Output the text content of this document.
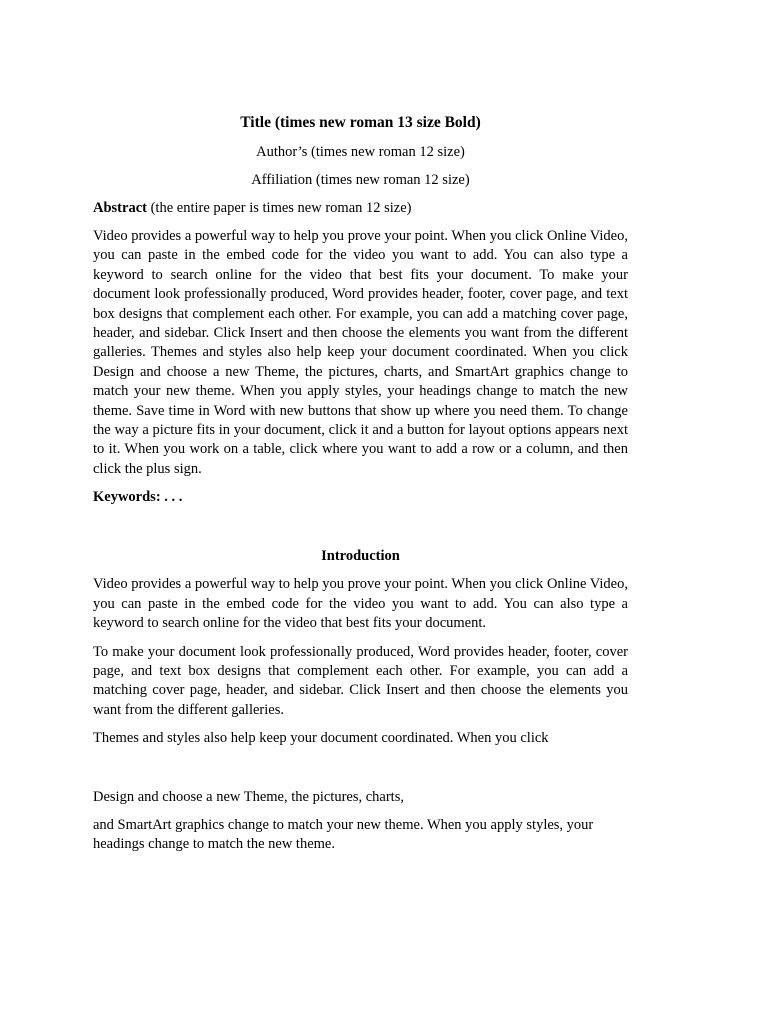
Title (times new roman 13 size Bold)
Author’s (times new roman 12 size)
Affiliation (times new roman 12 size)
Abstract (the entire paper is times new roman 12 size)
Video provides a powerful way to help you prove your point. When you click Online Video, you can paste in the embed code for the video you want to add. You can also type a keyword to search online for the video that best fits your document. To make your document look professionally produced, Word provides header, footer, cover page, and text box designs that complement each other. For example, you can add a matching cover page, header, and sidebar. Click Insert and then choose the elements you want from the different galleries. Themes and styles also help keep your document coordinated. When you click Design and choose a new Theme, the pictures, charts, and SmartArt graphics change to match your new theme. When you apply styles, your headings change to match the new theme. Save time in Word with new buttons that show up where you need them. To change the way a picture fits in your document, click it and a button for layout options appears next to it. When you work on a table, click where you want to add a row or a column, and then click the plus sign.
Keywords: . . .
Introduction
Video provides a powerful way to help you prove your point. When you click Online Video, you can paste in the embed code for the video you want to add. You can also type a keyword to search online for the video that best fits your document.
To make your document look professionally produced, Word provides header, footer, cover page, and text box designs that complement each other. For example, you can add a matching cover page, header, and sidebar. Click Insert and then choose the elements you want from the different galleries.
Themes and styles also help keep your document coordinated. When you click
Design and choose a new Theme, the pictures, charts,
and SmartArt graphics change to match your new theme. When you apply styles, your headings change to match the new theme.
